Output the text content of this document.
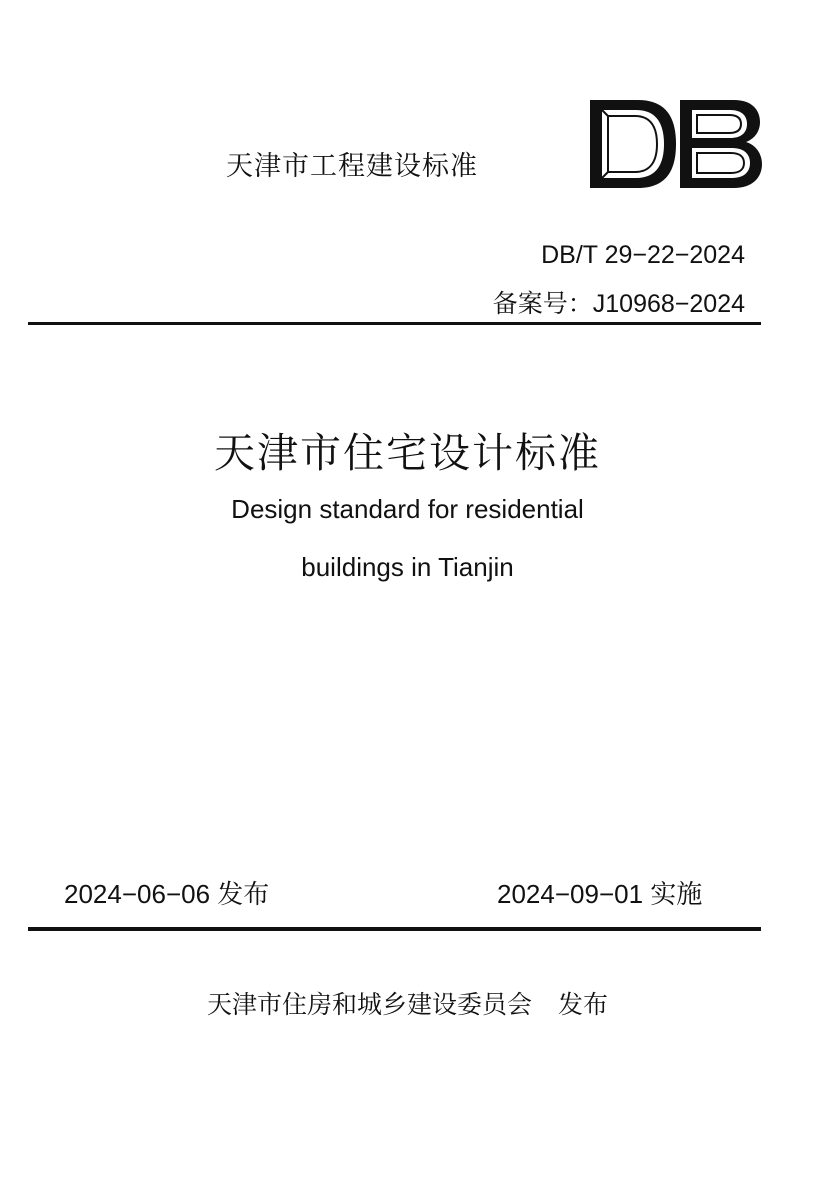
天津市工程建设标准
DB/T 29−22−2024
备案号：J10968−2024
天津市住宅设计标准
Design standard for residential
buildings in Tianjin
2024−06−06 发布	2024−09−01 实施
天津市住房和城乡建设委员会 发布
